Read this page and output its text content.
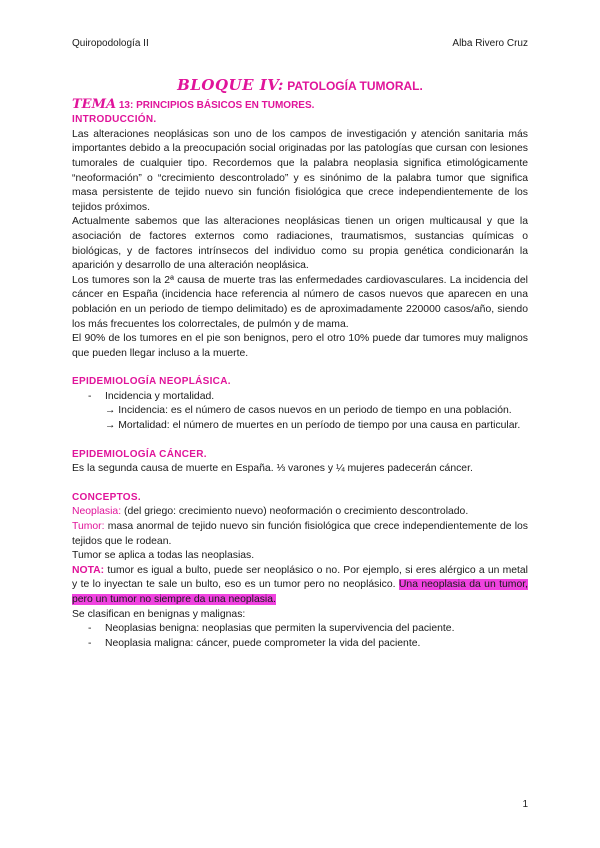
Quiropodología II	Alba Rivero Cruz
BLOQUE IV: PATOLOGÍA TUMORAL.
TEMA 13: PRINCIPIOS BÁSICOS EN TUMORES.
INTRODUCCIÓN.

Las alteraciones neoplásicas son uno de los campos de investigación y atención sanitaria más importantes debido a la preocupación social originadas por las patologías que cursan con lesiones tumorales de cualquier tipo. Recordemos que la palabra neoplasia significa etimológicamente “neoformación” o “crecimiento descontrolado” y es sinónimo de la palabra tumor que significa masa persistente de tejido nuevo sin función fisiológica que crece independientemente de los tejidos próximos.

Actualmente sabemos que las alteraciones neoplásicas tienen un origen multicausal y que la asociación de factores externos como radiaciones, traumatismos, sustancias químicas o biológicas, y de factores intrínsecos del individuo como su propia genética condicionarán la aparición y desarrollo de una alteración neoplásica.

Los tumores son la 2ª causa de muerte tras las enfermedades cardiovasculares. La incidencia del cáncer en España (incidencia hace referencia al número de casos nuevos que aparecen en una población en un periodo de tiempo delimitado) es de aproximadamente 220000 casos/año, siendo los más frecuentes los colorrectales, de pulmón y de mama.

El 90% de los tumores en el pie son benignos, pero el otro 10% puede dar tumores muy malignos que pueden llegar incluso a la muerte.

EPIDEMIOLOGÍA NEOPLÁSICA.
- Incidencia y mortalidad.
→ Incidencia: es el número de casos nuevos en un periodo de tiempo en una población.
→ Mortalidad: el número de muertes en un período de tiempo por una causa en particular.
EPIDEMIOLOGÍA CÁNCER.

Es la segunda causa de muerte en España. ⅓ varones y ¼ mujeres padecerán cáncer.

CONCEPTOS.

Neoplasia: (del griego: crecimiento nuevo) neoformación o crecimiento descontrolado.

Tumor: masa anormal de tejido nuevo sin función fisiológica que crece independientemente de los tejidos que le rodean.

Tumor se aplica a todas las neoplasias.

NOTA: tumor es igual a bulto, puede ser neoplásico o no. Por ejemplo, si eres alérgico a un metal y te lo inyectan te sale un bulto, eso es un tumor pero no neoplásico. Una neoplasia da un tumor, pero un tumor no siempre da una neoplasia.

Se clasifican en benignas y malignas:

- Neoplasias benigna: neoplasias que permiten la supervivencia del paciente.
- Neoplasia maligna: cáncer, puede comprometer la vida del paciente.
1
